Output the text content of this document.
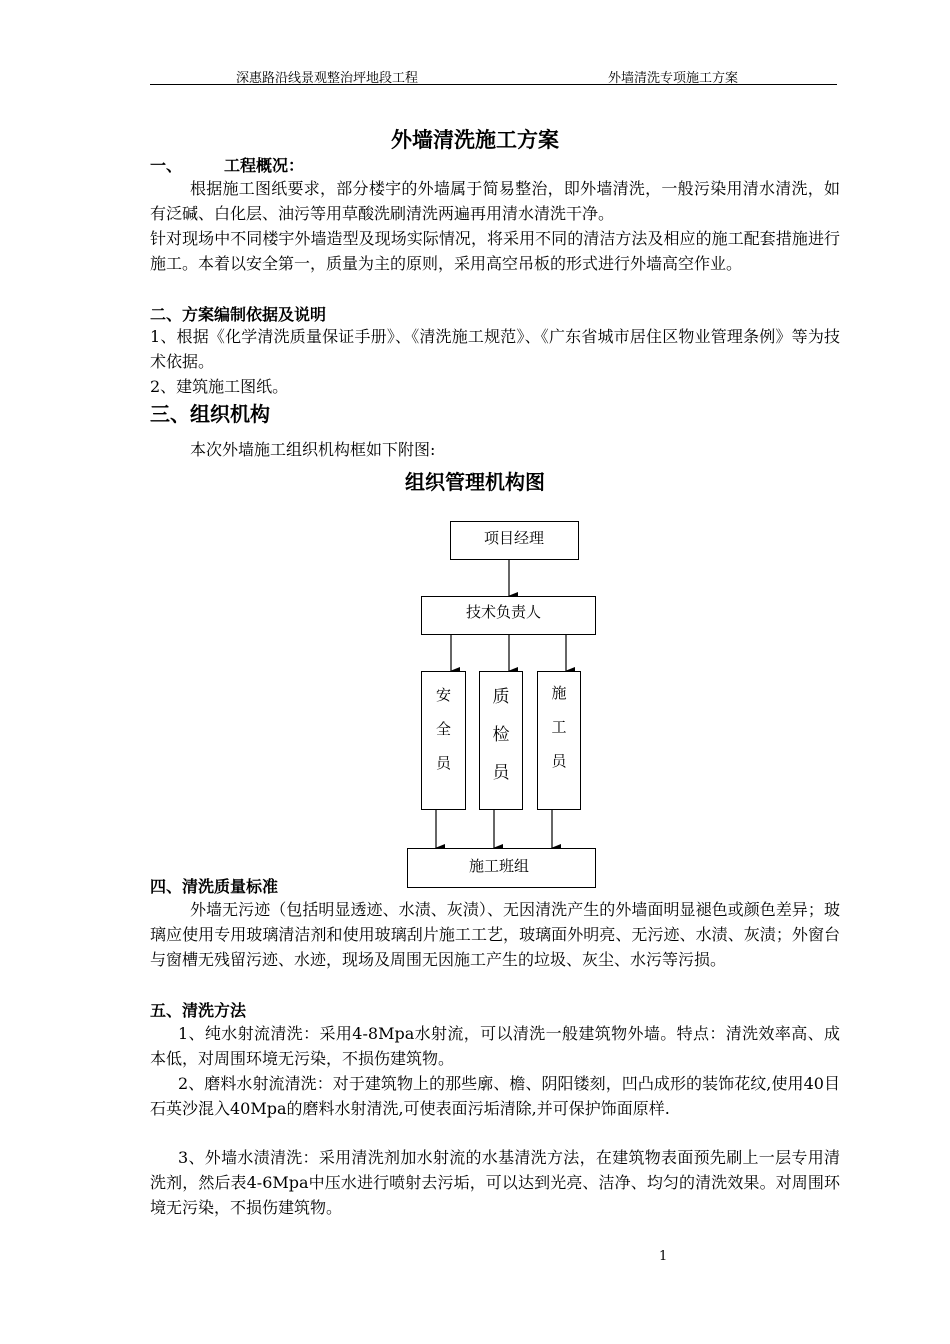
深惠路沿线景观整治坪地段工程	外墙清洗专项施工方案
外墙清洗施工方案
一、	工程概况：
根据施工图纸要求，部分楼宇的外墙属于简易整治，即外墙清洗，一般污染用清水清洗，如有泛碱、白化层、油污等用草酸洗刷清洗两遍再用清水清洗干净。
针对现场中不同楼宇外墙造型及现场实际情况，将采用不同的清洁方法及相应的施工配套措施进行施工。本着以安全第一，质量为主的原则，采用高空吊板的形式进行外墙高空作业。
二、方案编制依据及说明
1、根据《化学清洗质量保证手册》、《清洗施工规范》、《广东省城市居住区物业管理条例》等为技术依据。
2、建筑施工图纸。
三、组织机构
本次外墙施工组织机构框如下附图:
组织管理机构图
项目经理
技术负责人
安
全
员
质
检
员
施
工
员
施工班组
四、清洗质量标准
外墙无污迹（包括明显透迹、水渍、灰渍）、无因清洗产生的外墙面明显褪色或颜色差异；玻璃应使用专用玻璃清洁剂和使用玻璃刮片施工工艺，玻璃面外明亮、无污迹、水渍、灰渍；外窗台与窗槽无残留污迹、水迹，现场及周围无因施工产生的垃圾、灰尘、水污等污损。
五、清洗方法
1、纯水射流清洗：采用4-8Mpa水射流，可以清洗一般建筑物外墙。特点：清洗效率高、成本低，对周围环境无污染，不损伤建筑物。
2、磨料水射流清洗：对于建筑物上的那些廓、檐、阴阳镂刻，凹凸成形的装饰花纹,使用40目石英沙混入40Mpa的磨料水射清洗,可使表面污垢清除,并可保护饰面原样.
3、外墙水渍清洗：采用清洗剂加水射流的水基清洗方法，在建筑物表面预先刷上一层专用清洗剂，然后表4-6Mpa中压水进行喷射去污垢，可以达到光亮、洁净、均匀的清洗效果。对周围环境无污染，不损伤建筑物。
1
